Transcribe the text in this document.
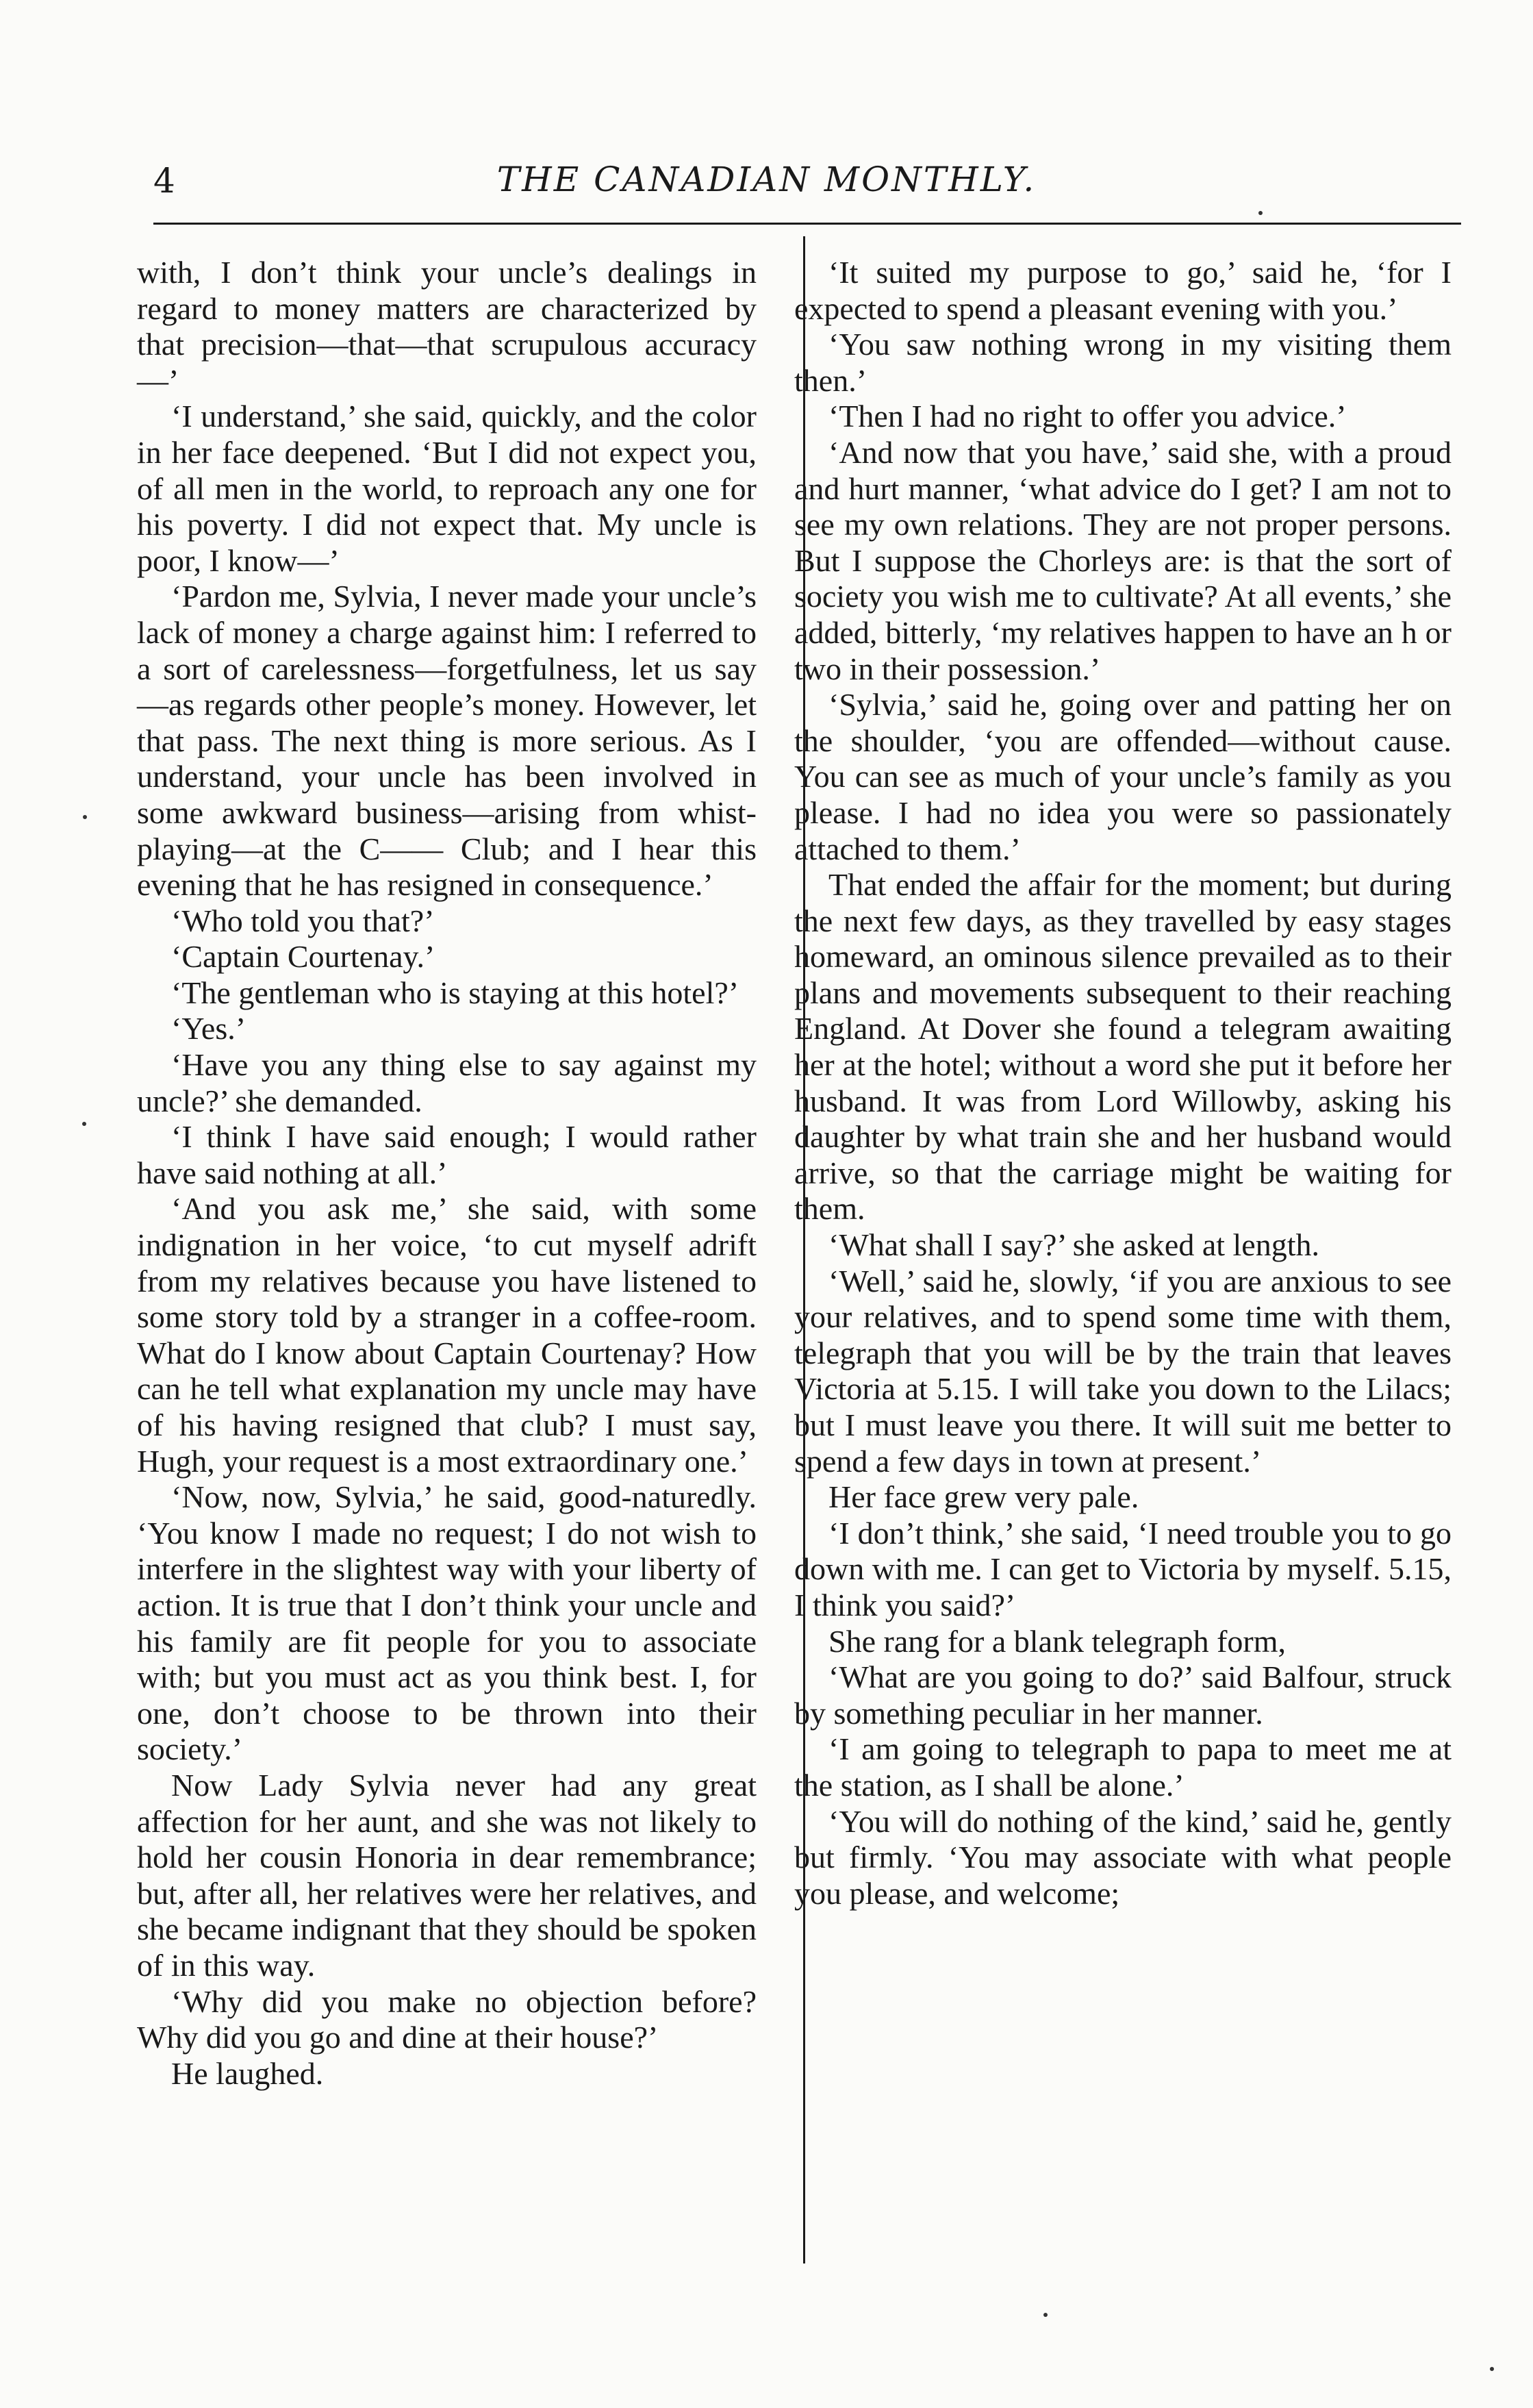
4	THE CANADIAN MONTHLY.

with, I don’t think your uncle’s dealings in regard to money matters are characterized by that precision—that—that scrupulous accuracy—’

‘I understand,’ she said, quickly, and the color in her face deepened. ‘But I did not expect you, of all men in the world, to reproach any one for his poverty. I did not expect that. My uncle is poor, I know—’

‘Pardon me, Sylvia, I never made your uncle’s lack of money a charge against him: I referred to a sort of carelessness—forgetfulness, let us say—as regards other people’s money. However, let that pass. The next thing is more serious. As I understand, your uncle has been involved in some awkward business—arising from whist-playing—at the C—— Club; and I hear this evening that he has resigned in consequence.’

‘Who told you that?’

‘Captain Courtenay.’

‘The gentleman who is staying at this hotel?’

‘Yes.’

‘Have you any thing else to say against my uncle?’ she demanded.

‘I think I have said enough; I would rather have said nothing at all.’

‘And you ask me,’ she said, with some indignation in her voice, ‘to cut myself adrift from my relatives because you have listened to some story told by a stranger in a coffee-room. What do I know about Captain Courtenay? How can he tell what explanation my uncle may have of his having resigned that club? I must say, Hugh, your request is a most extraordinary one.’

‘Now, now, Sylvia,’ he said, good-naturedly. ‘You know I made no request; I do not wish to interfere in the slightest way with your liberty of action. It is true that I don’t think your uncle and his family are fit people for you to associate with; but you must act as you think best. I, for one, don’t choose to be thrown into their society.’

Now Lady Sylvia never had any great affection for her aunt, and she was not likely to hold her cousin Honoria in dear remembrance; but, after all, her relatives were her relatives, and she became indignant that they should be spoken of in this way.

‘Why did you make no objection before? Why did you go and dine at their house?’

He laughed.

‘It suited my purpose to go,’ said he, ‘for I expected to spend a pleasant evening with you.’

‘You saw nothing wrong in my visiting them then.’

‘Then I had no right to offer you advice.’

‘And now that you have,’ said she, with a proud and hurt manner, ‘what advice do I get? I am not to see my own relations. They are not proper persons. But I suppose the Chorleys are: is that the sort of society you wish me to cultivate? At all events,’ she added, bitterly, ‘my relatives happen to have an h or two in their possession.’

‘Sylvia,’ said he, going over and patting her on the shoulder, ‘you are offended—without cause. You can see as much of your uncle’s family as you please. I had no idea you were so passionately attached to them.’

That ended the affair for the moment; but during the next few days, as they travelled by easy stages homeward, an ominous silence prevailed as to their plans and movements subsequent to their reaching England. At Dover she found a telegram awaiting her at the hotel; without a word she put it before her husband. It was from Lord Willowby, asking his daughter by what train she and her husband would arrive, so that the carriage might be waiting for them.

‘What shall I say?’ she asked at length.

‘Well,’ said he, slowly, ‘if you are anxious to see your relatives, and to spend some time with them, telegraph that you will be by the train that leaves Victoria at 5.15. I will take you down to the Lilacs; but I must leave you there. It will suit me better to spend a few days in town at present.’

Her face grew very pale.

‘I don’t think,’ she said, ‘I need trouble you to go down with me. I can get to Victoria by myself. 5.15, I think you said?’

She rang for a blank telegraph form,

‘What are you going to do?’ said Balfour, struck by something peculiar in her manner.

‘I am going to telegraph to papa to meet me at the station, as I shall be alone.’

‘You will do nothing of the kind,’ said he, gently but firmly. ‘You may associate with what people you please, and welcome;
